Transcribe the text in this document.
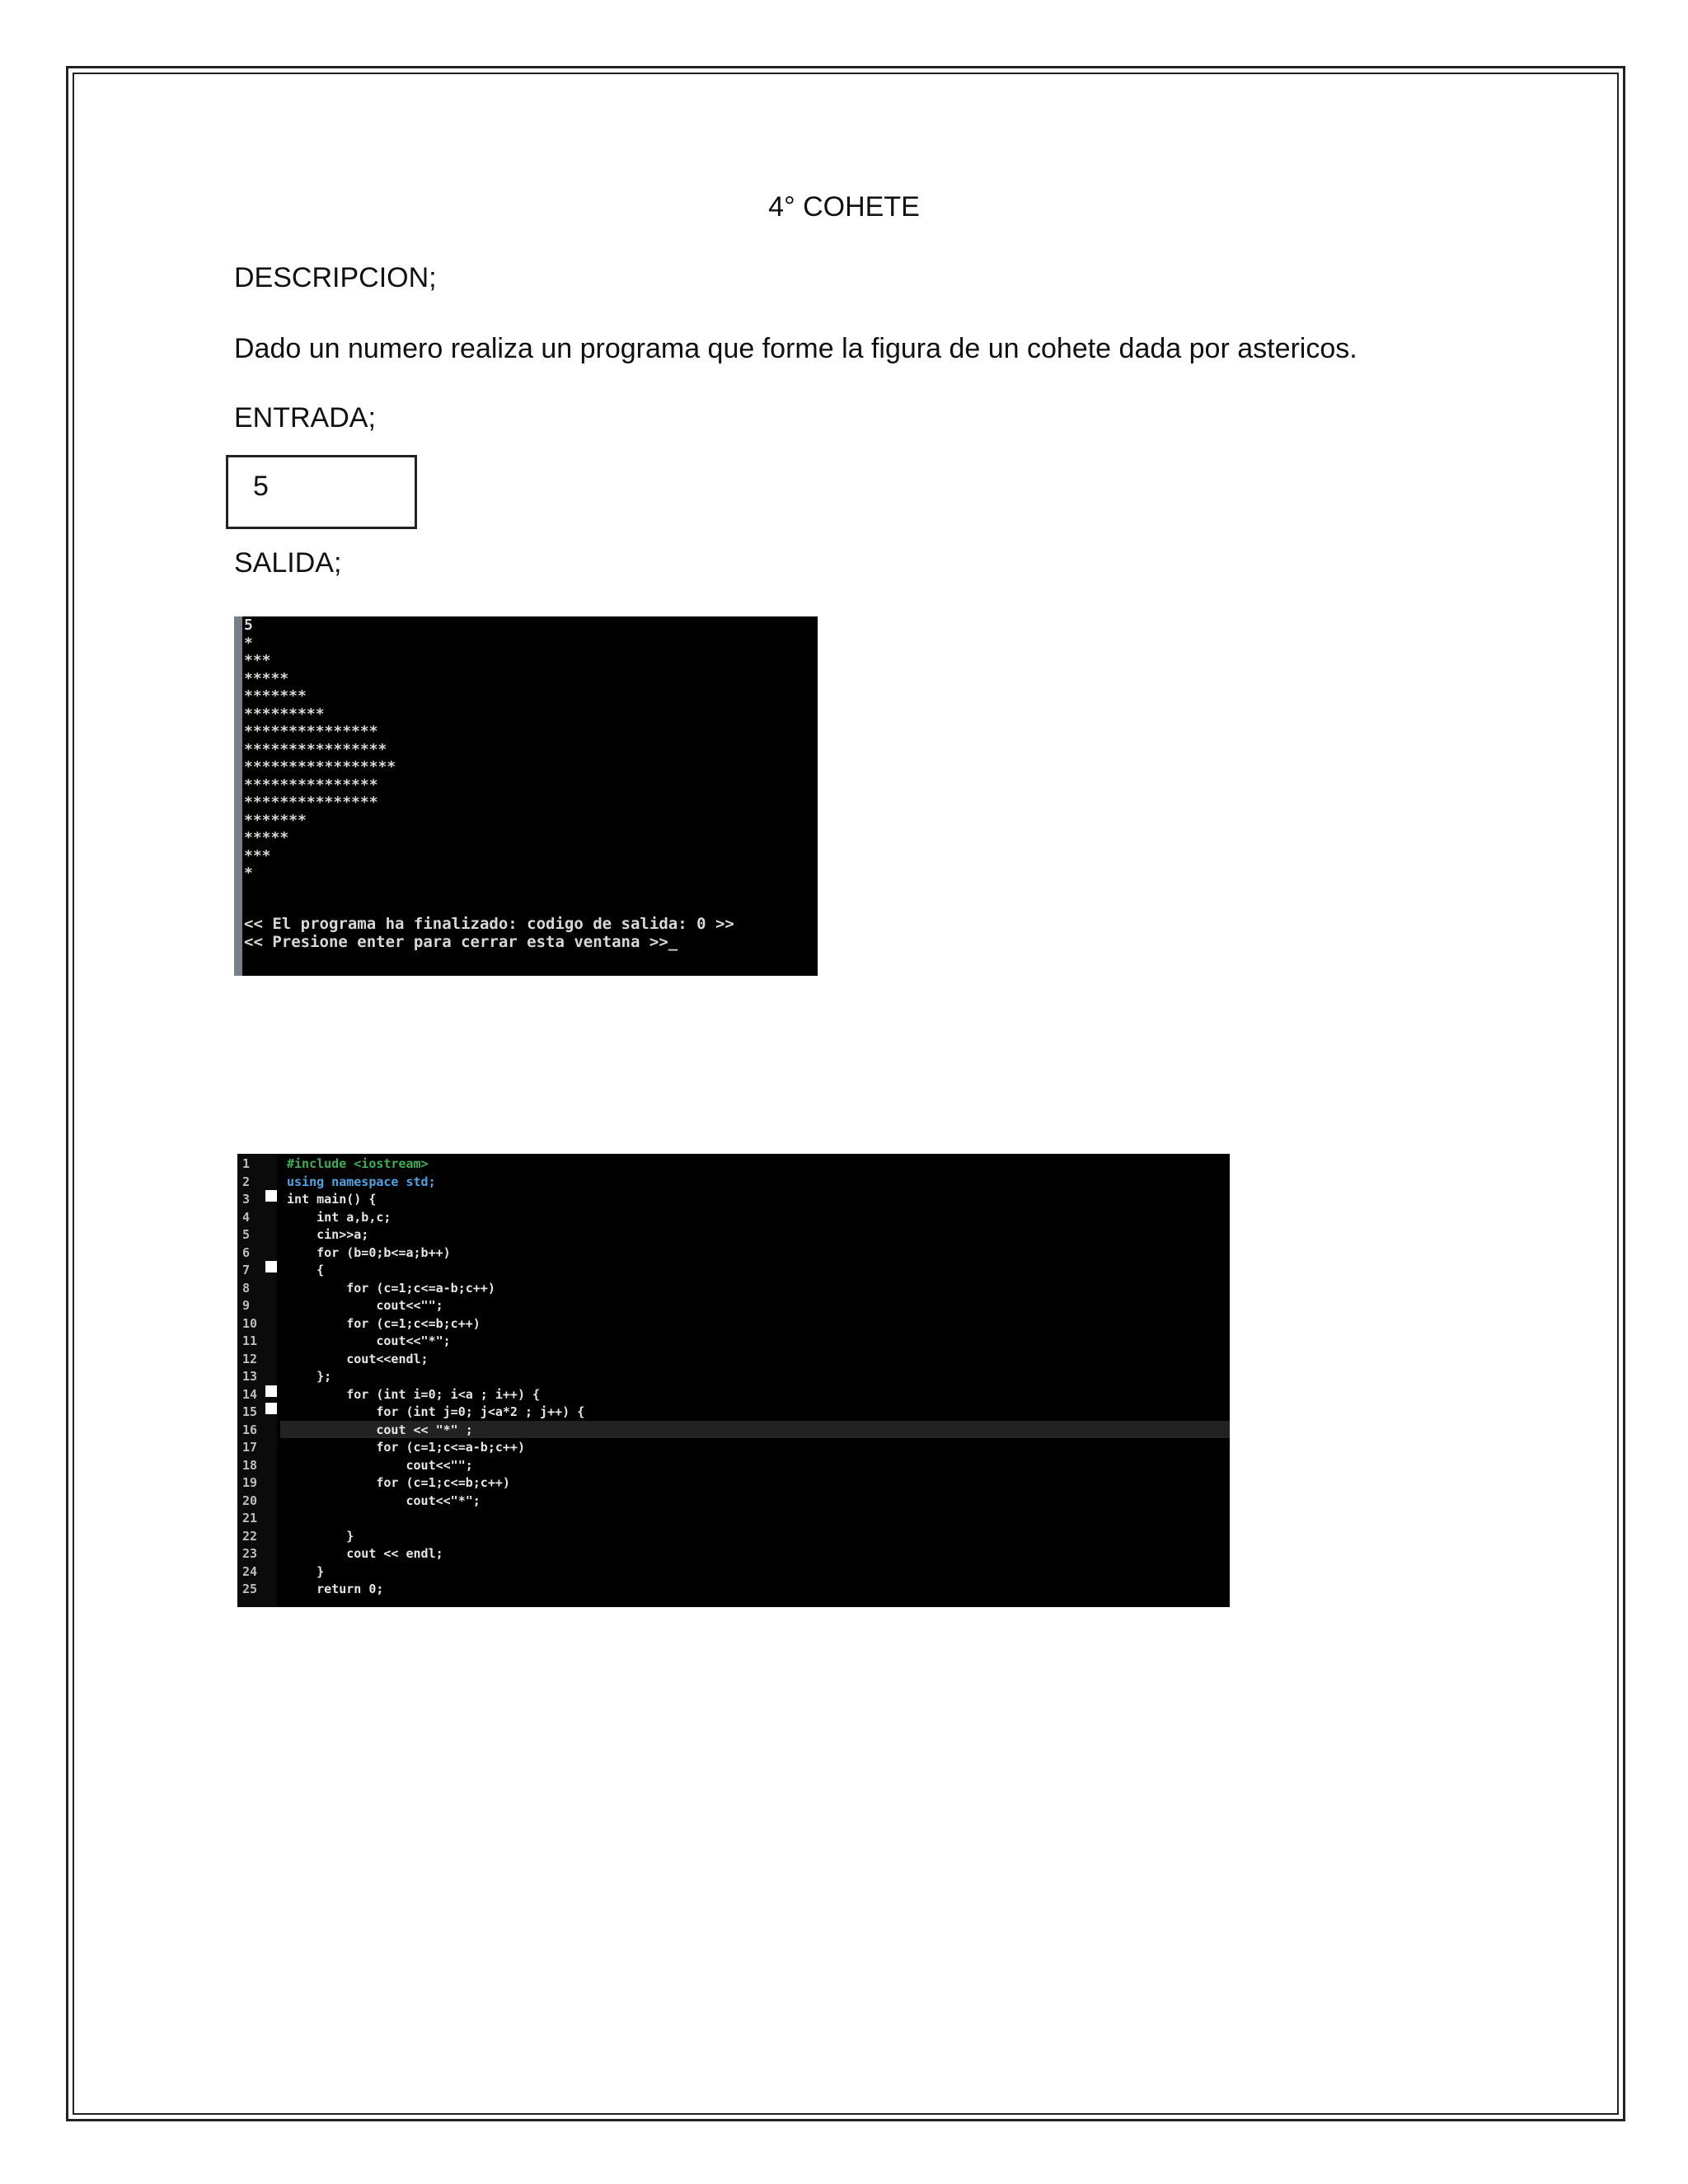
4° COHETE
DESCRIPCION;
Dado un numero realiza un programa que forme la figura de un cohete dada por astericos.
ENTRADA;
5
SALIDA;
5
*
***
*****
*******
*********
***************
****************
*****************
***************
***************
*******
*****
***
*
<< El programa ha finalizado: codigo de salida: 0 >>
<< Presione enter para cerrar esta ventana >>_
1
2
3
4
5
6
7
8
9
10
11
12
13
14
15
16
17
18
19
20
21
22
23
24
25
#include <iostream>
using namespace std;
int main() {
int a,b,c;
cin>>a;
for (b=0;b<=a;b++)
{
for (c=1;c<=a-b;c++)
cout<<"";
for (c=1;c<=b;c++)
cout<<"*";
cout<<endl;
};
for (int i=0; i<a ; i++) {
for (int j=0; j<a*2 ; j++) {
cout << "*" ;
for (c=1;c<=a-b;c++)
cout<<"";
for (c=1;c<=b;c++)
cout<<"*";

}
cout << endl;
}
return 0;
